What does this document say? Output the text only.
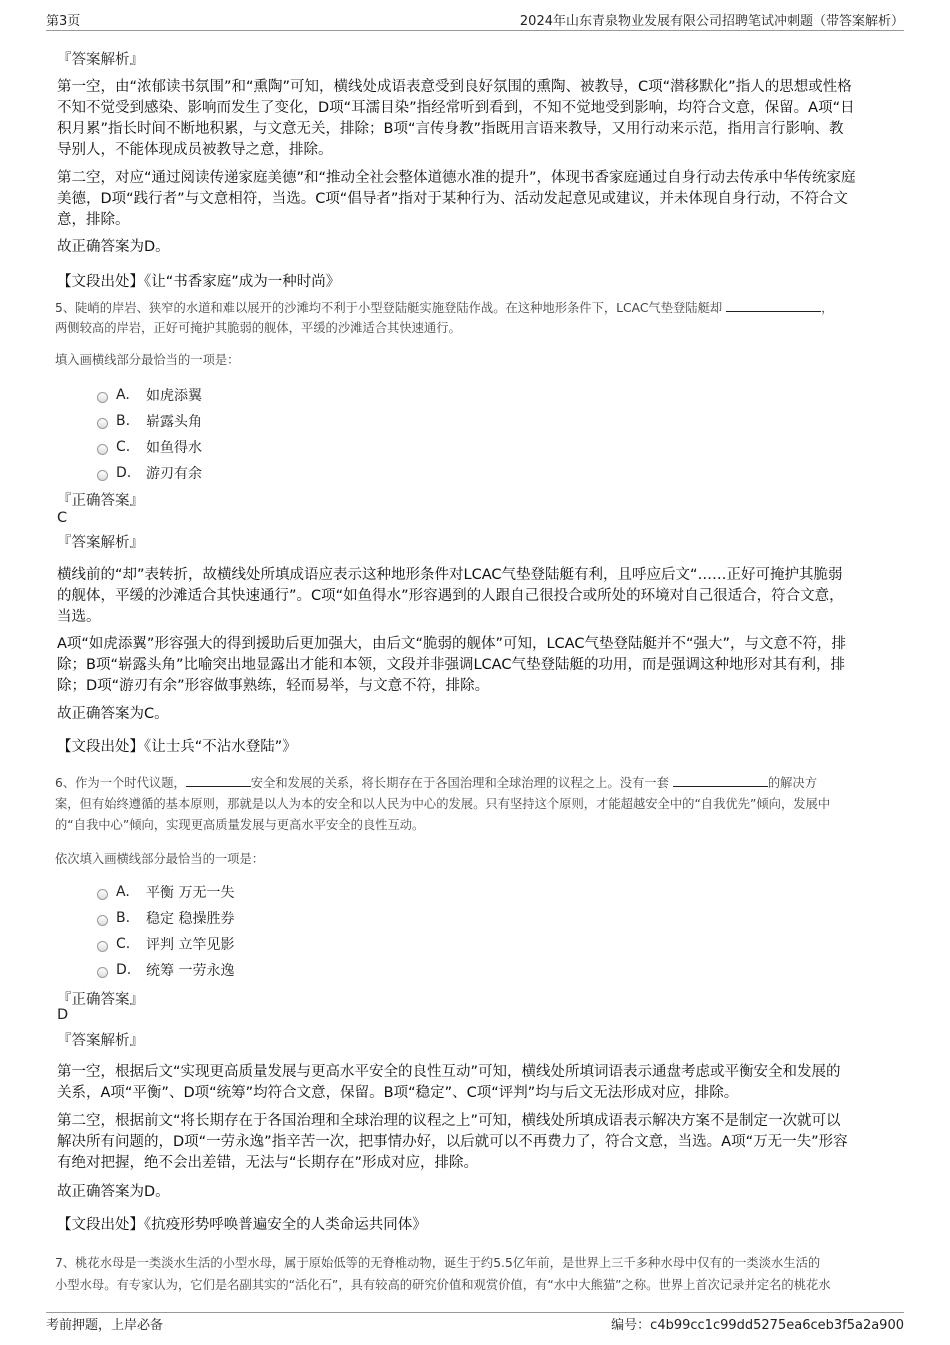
第3页	2024年山东青泉物业发展有限公司招聘笔试冲刺题（带答案解析）
『答案解析』
第一空，由“浓郁读书氛围”和“熏陶”可知，横线处成语表意受到良好氛围的熏陶、被教导，C项“潜移默化”指人的思想或性格
不知不觉受到感染、影响而发生了变化，D项“耳濡目染”指经常听到看到，不知不觉地受到影响，均符合文意，保留。A项“日
积月累”指长时间不断地积累，与文意无关，排除；B项“言传身教”指既用言语来教导，又用行动来示范，指用言行影响、教
导别人，不能体现成员被教导之意，排除。
第二空，对应“通过阅读传递家庭美德”和“推动全社会整体道德水准的提升”，体现书香家庭通过自身行动去传承中华传统家庭
美德，D项“践行者”与文意相符，当选。C项“倡导者”指对于某种行为、活动发起意见或建议，并未体现自身行动，不符合文
意，排除。
故正确答案为D。
【文段出处】《让“书香家庭”成为一种时尚》
5、陡峭的岸岩、狭窄的水道和难以展开的沙滩均不利于小型登陆艇实施登陆作战。在这种地形条件下，LCAC气垫登陆艇却	，
两侧较高的岸岩，正好可掩护其脆弱的舰体，平缓的沙滩适合其快速通行。
填入画横线部分最恰当的一项是：
A.	如虎添翼
B.	崭露头角
C.	如鱼得水
D.	游刃有余
『正确答案』
C
『答案解析』
横线前的“却”表转折，故横线处所填成语应表示这种地形条件对LCAC气垫登陆艇有利，且呼应后文“……正好可掩护其脆弱
的舰体，平缓的沙滩适合其快速通行”。C项“如鱼得水”形容遇到的人跟自己很投合或所处的环境对自己很适合，符合文意，
当选。
A项“如虎添翼”形容强大的得到援助后更加强大，由后文“脆弱的舰体”可知，LCAC气垫登陆艇并不“强大”，与文意不符，排
除；B项“崭露头角”比喻突出地显露出才能和本领，文段并非强调LCAC气垫登陆艇的功用，而是强调这种地形对其有利，排
除；D项“游刃有余”形容做事熟练，轻而易举，与文意不符，排除。
故正确答案为C。
【文段出处】《让士兵“不沾水登陆”》
6、作为一个时代议题，	安全和发展的关系，将长期存在于各国治理和全球治理的议程之上。没有一套	的解决方
案，但有始终遵循的基本原则，那就是以人为本的安全和以人民为中心的发展。只有坚持这个原则，才能超越安全中的“自我优先”倾向，发展中
的“自我中心”倾向，实现更高质量发展与更高水平安全的良性互动。
依次填入画横线部分最恰当的一项是：
A.	平衡 万无一失
B.	稳定 稳操胜券
C.	评判 立竿见影
D.	统筹 一劳永逸
『正确答案』
D
『答案解析』
第一空，根据后文“实现更高质量发展与更高水平安全的良性互动”可知，横线处所填词语表示通盘考虑或平衡安全和发展的
关系，A项“平衡”、D项“统筹”均符合文意，保留。B项“稳定”、C项“评判”均与后文无法形成对应，排除。
第二空，根据前文“将长期存在于各国治理和全球治理的议程之上”可知，横线处所填成语表示解决方案不是制定一次就可以
解决所有问题的，D项“一劳永逸”指辛苦一次，把事情办好，以后就可以不再费力了，符合文意，当选。A项“万无一失”形容
有绝对把握，绝不会出差错，无法与“长期存在”形成对应，排除。
故正确答案为D。
【文段出处】《抗疫形势呼唤普遍安全的人类命运共同体》
7、桃花水母是一类淡水生活的小型水母，属于原始低等的无脊椎动物，诞生于约5.5亿年前，是世界上三千多种水母中仅有的一类淡水生活的
小型水母。有专家认为，它们是名副其实的“活化石”，具有较高的研究价值和观赏价值，有“水中大熊猫”之称。世界上首次记录并定名的桃花水
考前押题，上岸必备	编号：c4b99cc1c99dd5275ea6ceb3f5a2a900
